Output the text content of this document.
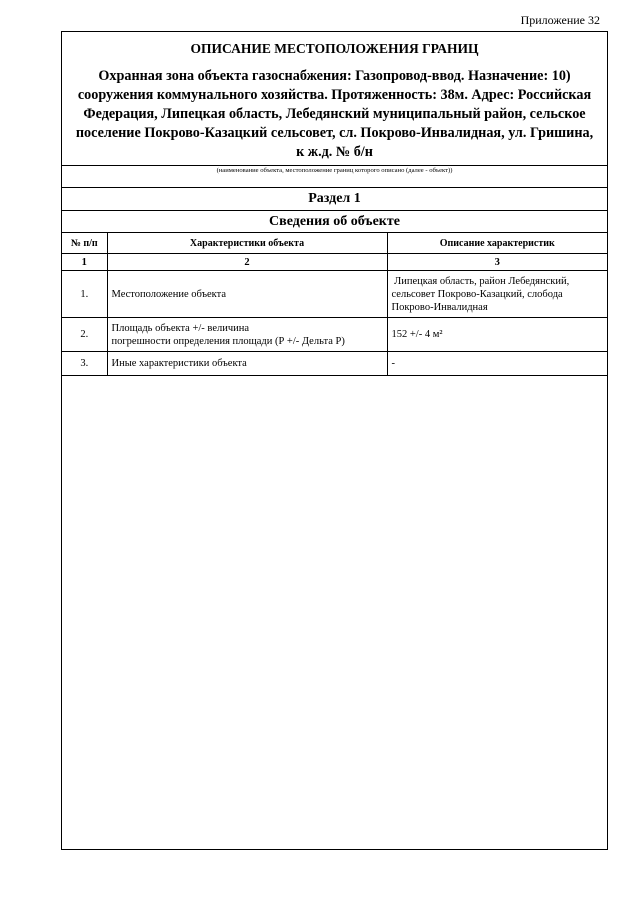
Приложение 32
ОПИСАНИЕ МЕСТОПОЛОЖЕНИЯ ГРАНИЦ
Охранная зона объекта газоснабжения: Газопровод-ввод. Назначение: 10)
сооружения коммунального хозяйства. Протяженность: 38м. Адрес: Российская
Федерация, Липецкая область, Лебедянский муниципальный район, сельское
поселение Покрово-Казацкий сельсовет, сл. Покрово-Инвалидная, ул. Гришина,
к ж.д. № б/н
(наименование объекта, местоположение границ которого описано (далее - объект))
Раздел 1
Сведения об объекте
№ п/п	Характеристики объекта	Описание характеристик
1	2	3
1.	Местоположение объекта	Липецкая область, район Лебедянский,
сельсовет Покрово-Казацкий, слобода
Покрово-Инвалидная

2.	Площадь объекта +/- величина
погрешности определения площади (Р +/- Дельта Р)	152 +/- 4 м²

3.	Иные характеристики объекта	-
